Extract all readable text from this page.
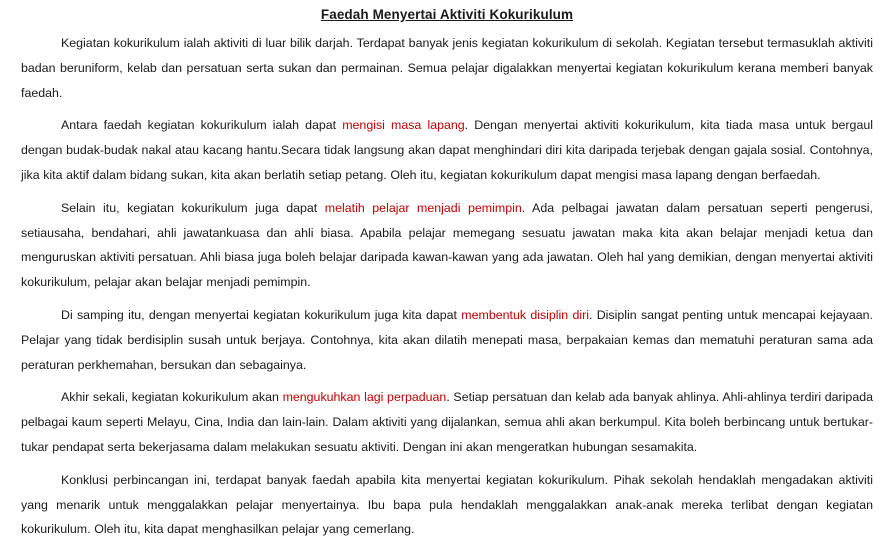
Faedah Menyertai Aktiviti Kokurikulum

Kegiatan kokurikulum ialah aktiviti di luar bilik darjah. Terdapat banyak jenis kegiatan kokurikulum di sekolah. Kegiatan tersebut termasuklah aktiviti badan beruniform, kelab dan persatuan serta sukan dan permainan. Semua pelajar digalakkan menyertai kegiatan kokurikulum kerana memberi banyak faedah.

Antara faedah kegiatan kokurikulum ialah dapat mengisi masa lapang. Dengan menyertai aktiviti kokurikulum, kita tiada masa untuk bergaul dengan budak-budak nakal atau kacang hantu.Secara tidak langsung akan dapat menghindari diri kita daripada terjebak dengan gajala sosial. Contohnya, jika kita aktif dalam bidang sukan, kita akan berlatih setiap petang. Oleh itu, kegiatan kokurikulum dapat mengisi masa lapang dengan berfaedah.

Selain itu, kegiatan kokurikulum juga dapat melatih pelajar menjadi pemimpin. Ada pelbagai jawatan dalam persatuan seperti pengerusi, setiausaha, bendahari, ahli jawatankuasa dan ahli biasa. Apabila pelajar memegang sesuatu jawatan maka kita akan belajar menjadi ketua dan menguruskan aktiviti persatuan. Ahli biasa juga boleh belajar daripada kawan-kawan yang ada jawatan. Oleh hal yang demikian, dengan menyertai aktiviti kokurikulum, pelajar akan belajar menjadi pemimpin.

Di samping itu, dengan menyertai kegiatan kokurikulum juga kita dapat membentuk disiplin diri. Disiplin sangat penting untuk mencapai kejayaan. Pelajar yang tidak berdisiplin susah untuk berjaya. Contohnya, kita akan dilatih menepati masa, berpakaian kemas dan mematuhi peraturan sama ada peraturan perkhemahan, bersukan dan sebagainya.

Akhir sekali, kegiatan kokurikulum akan mengukuhkan lagi perpaduan. Setiap persatuan dan kelab ada banyak ahlinya. Ahli-ahlinya terdiri daripada pelbagai kaum seperti Melayu, Cina, India dan lain-lain. Dalam aktiviti yang dijalankan, semua ahli akan berkumpul. Kita boleh berbincang untuk bertukar-tukar pendapat serta bekerjasama dalam melakukan sesuatu aktiviti. Dengan ini akan mengeratkan hubungan sesamakita.

Konklusi perbincangan ini, terdapat banyak faedah apabila kita menyertai kegiatan kokurikulum. Pihak sekolah hendaklah mengadakan aktiviti yang menarik untuk menggalakkan pelajar menyertainya. Ibu bapa pula hendaklah menggalakkan anak-anak mereka terlibat dengan kegiatan kokurikulum. Oleh itu, kita dapat menghasilkan pelajar yang cemerlang.
